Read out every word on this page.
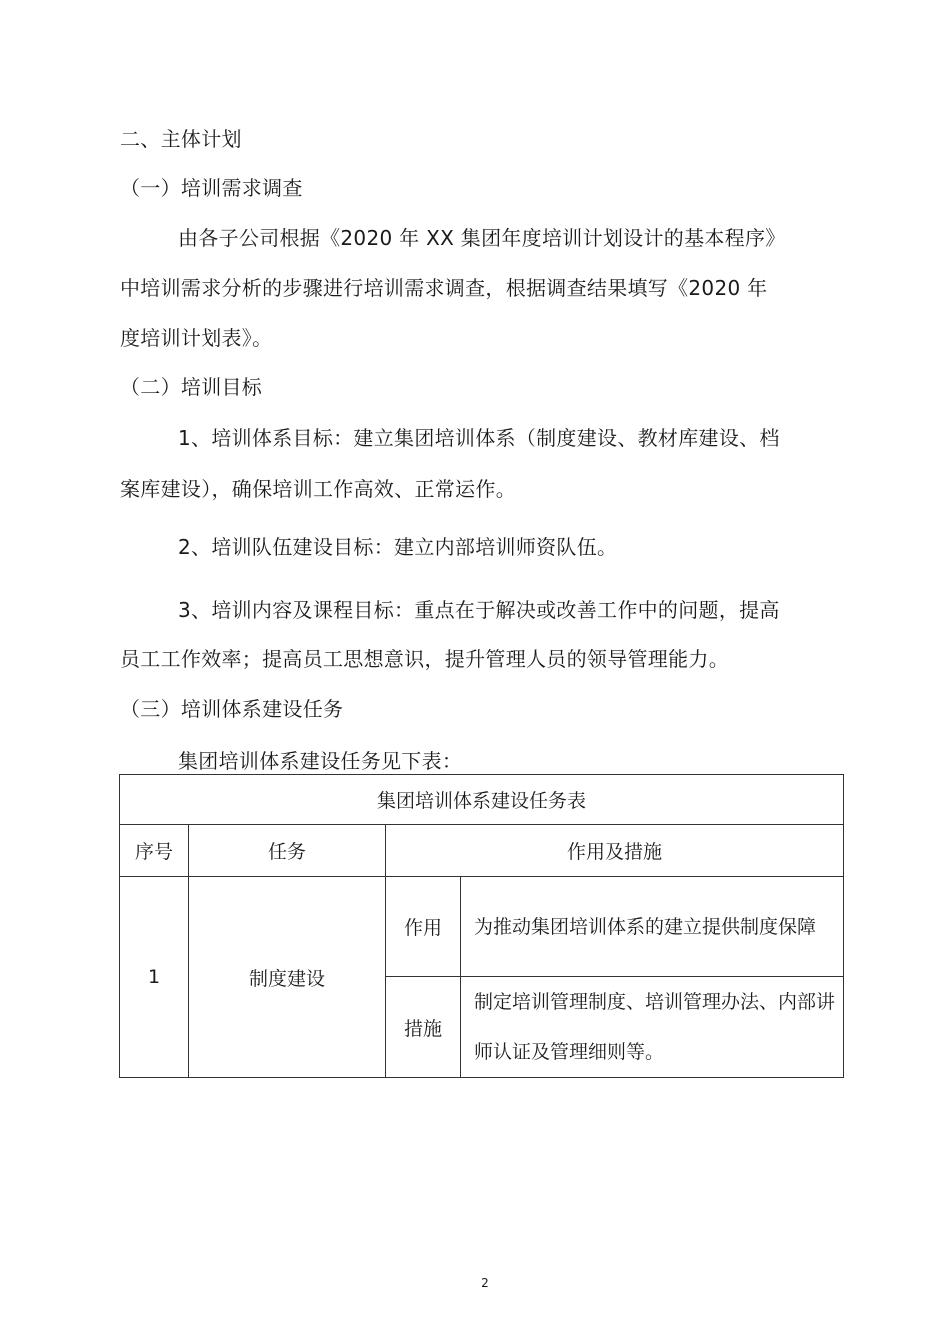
二、主体计划
（一）培训需求调查
由各子公司根据《2020 年 XX 集团年度培训计划设计的基本程序》
中培训需求分析的步骤进行培训需求调查，根据调查结果填写《2020 年
度培训计划表》。
（二）培训目标
1、培训体系目标：建立集团培训体系（制度建设、教材库建设、档
案库建设），确保培训工作高效、正常运作。
2、培训队伍建设目标：建立内部培训师资队伍。
3、培训内容及课程目标：重点在于解决或改善工作中的问题，提高
员工工作效率；提高员工思想意识，提升管理人员的领导管理能力。
（三）培训体系建设任务
集团培训体系建设任务见下表：
集团培训体系建设任务表			
序号	任务	作用及措施	
1	制度建设	作用	为推动集团培训体系的建立提供制度保障
		措施	制定培训管理制度、培训管理办法、内部讲师认证及管理细则等。
2
